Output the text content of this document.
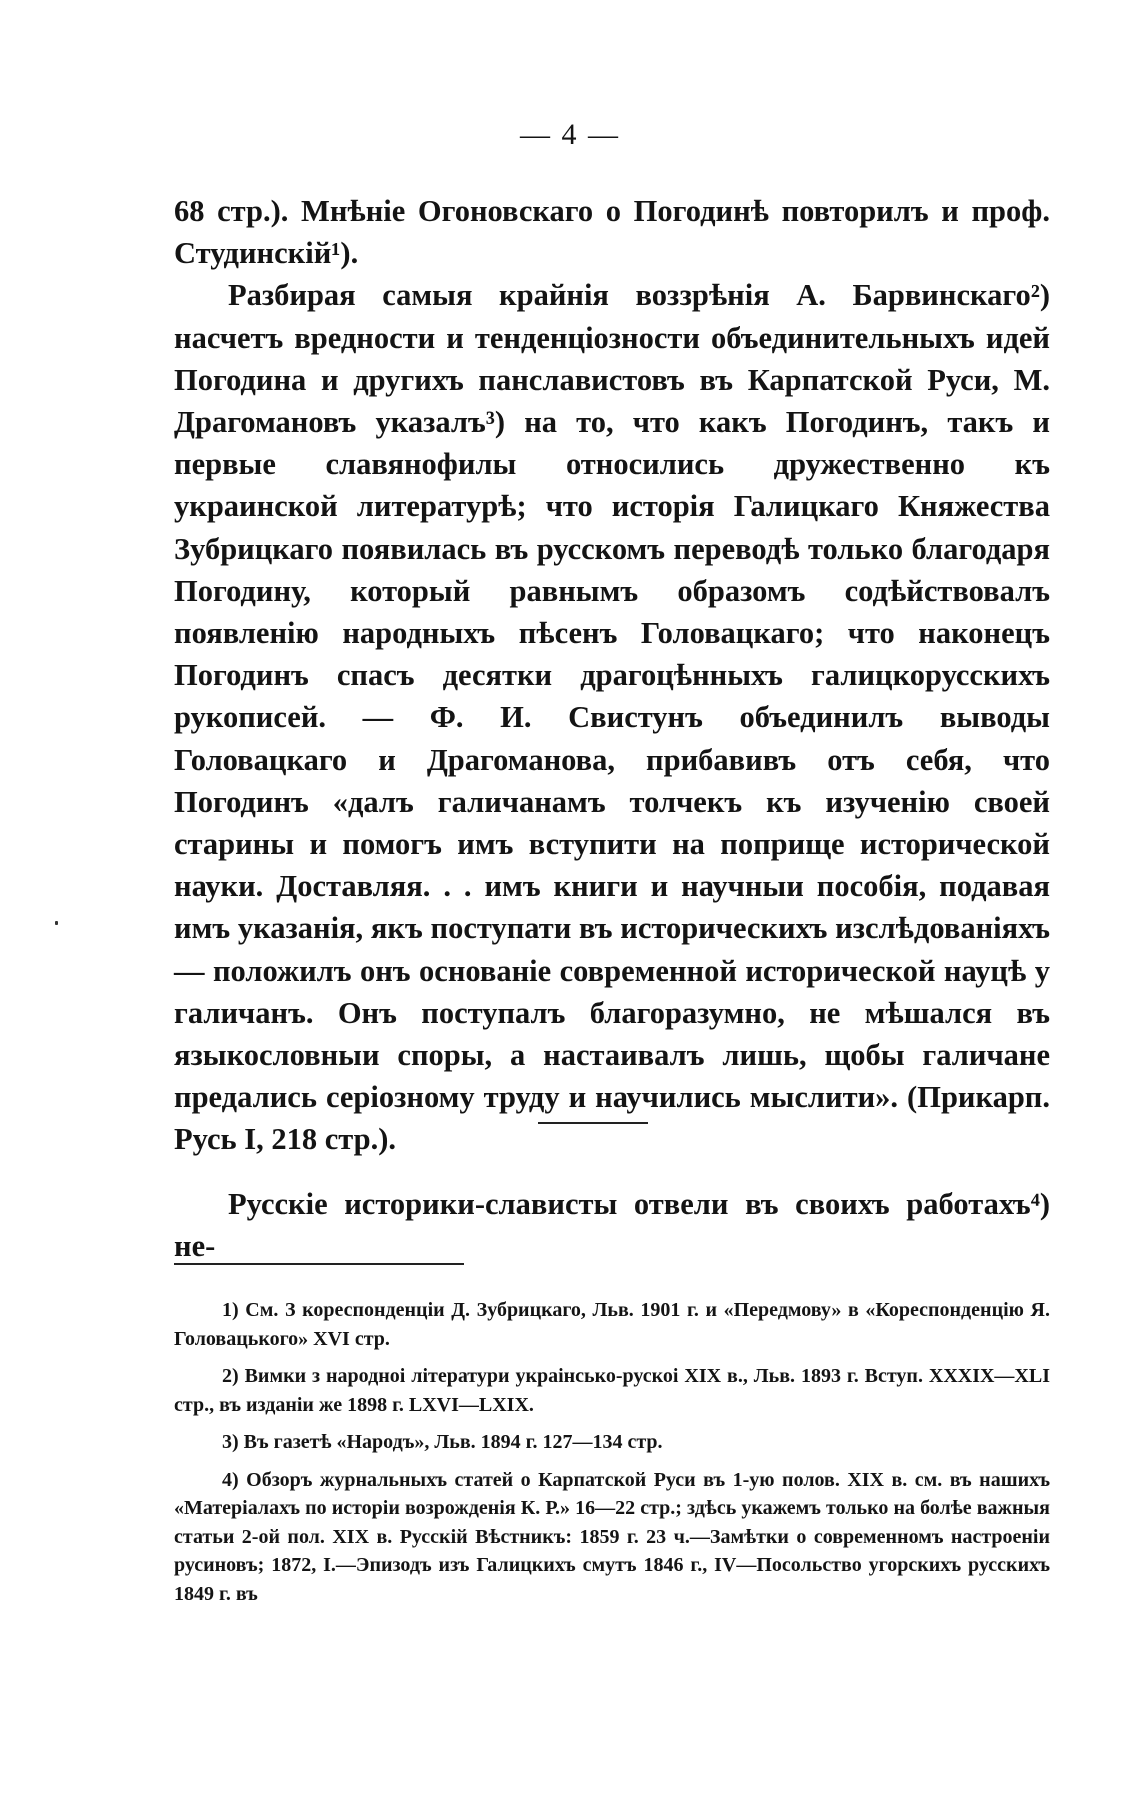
— 4 —

68 стр.). Мнѣніе Огоновскаго о Погодинѣ повторилъ и проф. Студинскій¹).

Разбирая самыя крайнія воззрѣнія А. Барвинскаго²) насчетъ вредности и тенденціозности объединительныхъ идей Погодина и другихъ панславистовъ въ Карпатской Руси, М. Драгомановъ указалъ³) на то, что какъ Погодинъ, такъ и первые славянофилы относились дружественно къ украинской литературѣ; что исторія Галицкаго Княжества Зубрицкаго появилась въ русскомъ переводѣ только благодаря Погодину, который равнымъ образомъ содѣйствовалъ появленію народныхъ пѣсенъ Головацкаго; что наконецъ Погодинъ спасъ десятки драгоцѣнныхъ галицкорусскихъ рукописей. — Ф. И. Свистунъ объединилъ выводы Головацкаго и Драгоманова, прибавивъ отъ себя, что Погодинъ «далъ галичанамъ толчекъ къ изученію своей старины и помогъ имъ вступити на поприще исторической науки. Доставляя. . . имъ книги и научныи пособія, подавая имъ указанія, якъ поступати въ историческихъ изслѣдованіяхъ — положилъ онъ основаніе современной исторической науцѣ у галичанъ. Онъ поступалъ благоразумно, не мѣшался въ языкословныи споры, а настаивалъ лишь, щобы галичане предались серіозному труду и научились мыслити». (Прикарп. Русь I, 218 стр.).

Русскіе историки-слависты отвели въ своихъ работахъ⁴) не-

1) См. З кореспонденціи Д. Зубрицкаго, Льв. 1901 г. и «Передмову» в «Кореспонденцію Я. Головацького» XVI стр.

2) Вимки з народноі літератури украінсько-рускоі XIX в., Льв. 1893 г. Вступ. XXXIX—XLI стр., въ изданіи же 1898 г. LXVI—LXIX.

3) Въ газетѣ «Народъ», Льв. 1894 г. 127—134 стр.

4) Обзоръ журнальныхъ статей о Карпатской Руси въ 1-ую полов. XIX в. см. въ нашихъ «Матеріалахъ по исторіи возрожденія К. Р.» 16—22 стр.; здѣсь укажемъ только на болѣе важныя статьи 2-ой пол. XIX в. Русскій Вѣстникъ: 1859 г. 23 ч.—Замѣтки о современномъ настроеніи русиновъ; 1872, I.—Эпизодъ изъ Галицкихъ смутъ 1846 г., IV—Посольство угорскихъ русскихъ 1849 г. въ
